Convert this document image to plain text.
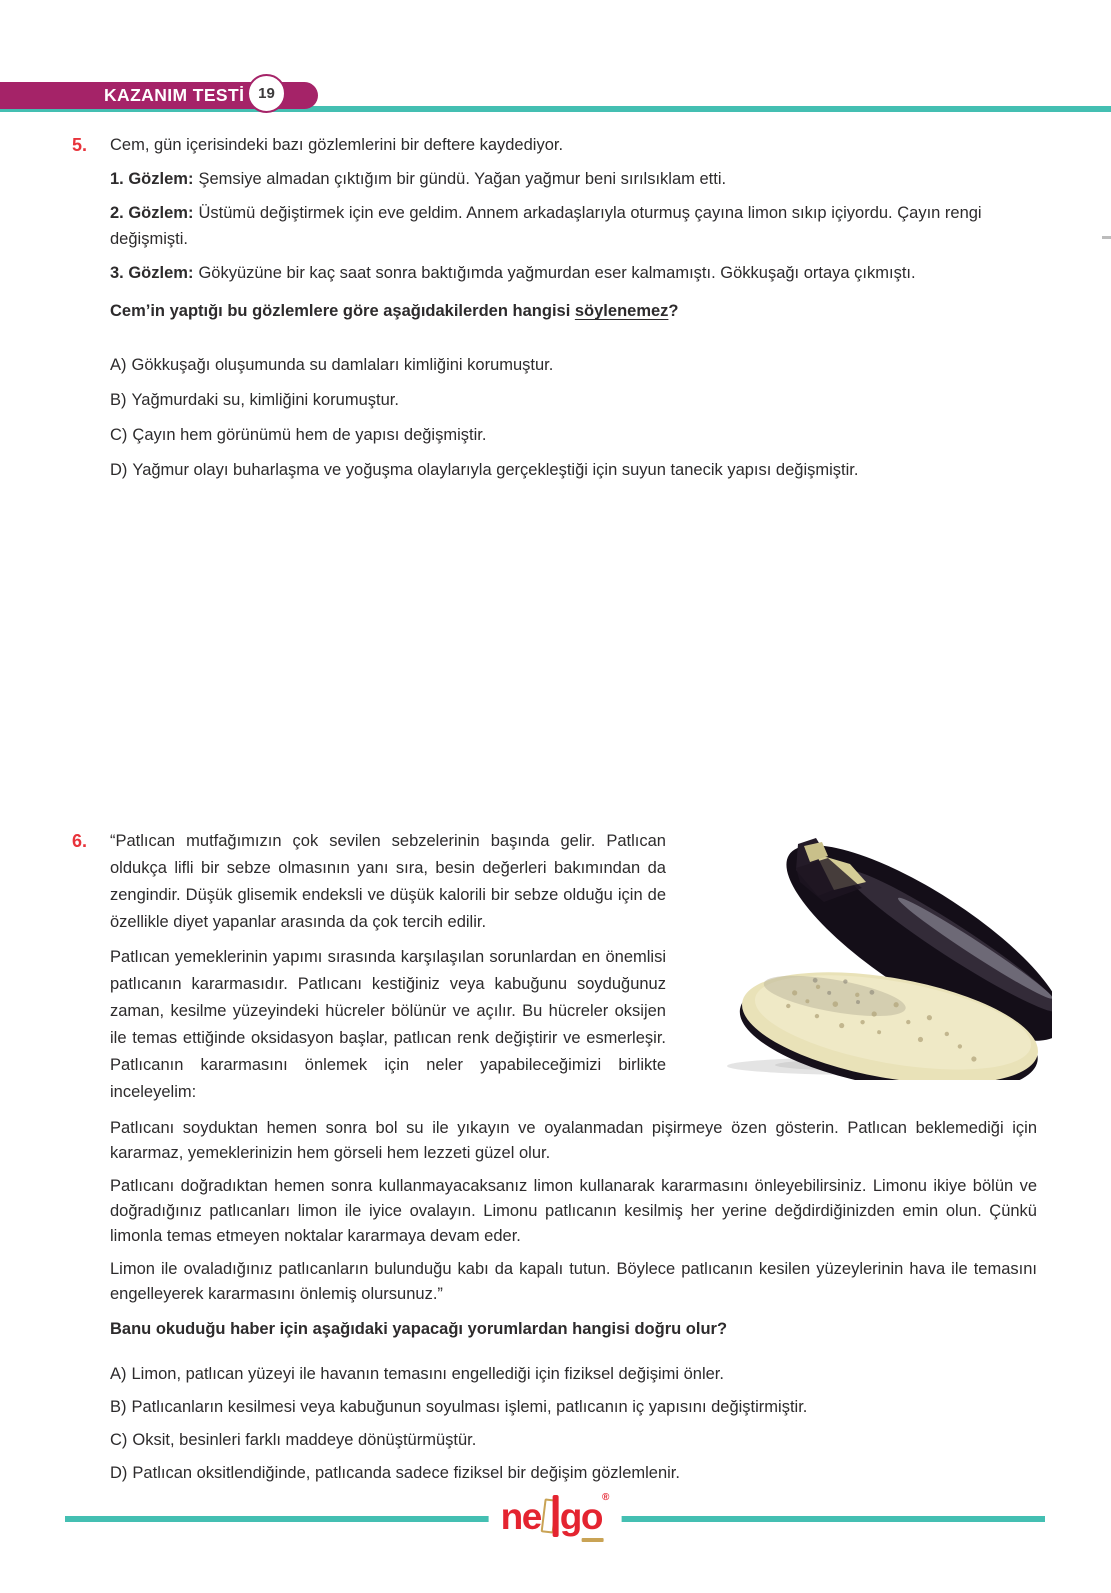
KAZANIM TESTİ 19
5.	Cem, gün içerisindeki bazı gözlemlerini bir deftere kaydediyor.

1. Gözlem: Şemsiye almadan çıktığım bir gündü. Yağan yağmur beni sırılsıklam etti.

2. Gözlem: Üstümü değiştirmek için eve geldim. Annem arkadaşlarıyla oturmuş çayına limon sıkıp içiyordu. Çayın rengi değişmişti.

3. Gözlem: Gökyüzüne bir kaç saat sonra baktığımda yağmurdan eser kalmamıştı. Gökkuşağı ortaya çıkmıştı.

Cem’in yaptığı bu gözlemlere göre aşağıdakilerden hangisi söylenemez?

A) Gökkuşağı oluşumunda su damlaları kimliğini korumuştur.

B) Yağmurdaki su, kimliğini korumuştur.

C) Çayın hem görünümü hem de yapısı değişmiştir.

D) Yağmur olayı buharlaşma ve yoğuşma olaylarıyla gerçekleştiği için suyun tanecik yapısı değişmiştir.

6.	“Patlıcan mutfağımızın çok sevilen sebzelerinin başında gelir. Patlıcan oldukça lifli bir sebze olmasının yanı sıra, besin değerleri bakımından da zengindir. Düşük glisemik endeksli ve düşük kalorili bir sebze olduğu için de özellikle diyet yapanlar arasında da çok tercih edilir.

Patlıcan yemeklerinin yapımı sırasında karşılaşılan sorunlardan en önemlisi patlıcanın kararmasıdır. Patlıcanı kestiğiniz veya kabuğunu soyduğunuz zaman, kesilme yüzeyindeki hücreler bölünür ve açılır. Bu hücreler oksijen ile temas ettiğinde oksidasyon başlar, patlıcan renk değiştirir ve esmerleşir. Patlıcanın kararmasını önlemek için neler yapabileceğimizi birlikte inceleyelim:

Patlıcanı soyduktan hemen sonra bol su ile yıkayın ve oyalanmadan pişirmeye özen gösterin. Patlıcan beklemediği için kararmaz, yemeklerinizin hem görseli hem lezzeti güzel olur.

Patlıcanı doğradıktan hemen sonra kullanmayacaksanız limon kullanarak kararmasını önleyebilirsiniz. Limonu ikiye bölün ve doğradığınız patlıcanları limon ile iyice ovalayın. Limonu patlıcanın kesilmiş her yerine değdirdiğinizden emin olun. Çünkü limonla temas etmeyen noktalar kararmaya devam eder.

Limon ile ovaladığınız patlıcanların bulunduğu kabı da kapalı tutun. Böylece patlıcanın kesilen yüzeylerinin hava ile temasını engelleyerek kararmasını önlemiş olursunuz.”

Banu okuduğu haber için aşağıdaki yapacağı yorumlardan hangisi doğru olur?

A) Limon, patlıcan yüzeyi ile havanın temasını engellediği için fiziksel değişimi önler.

B) Patlıcanların kesilmesi veya kabuğunun soyulması işlemi, patlıcanın iç yapısını değiştirmiştir.

C) Oksit, besinleri farklı maddeye dönüştürmüştür.

D) Patlıcan oksitlendiğinde, patlıcanda sadece fiziksel bir değişim gözlemlenir.

ne go ®
